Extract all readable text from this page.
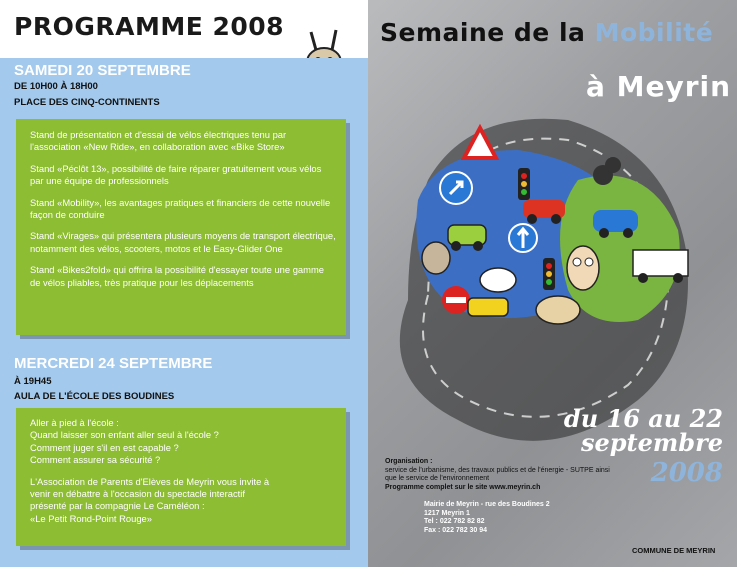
PROGRAMME 2008
SAMEDI 20 SEPTEMBRE
DE 10H00 À 18H00
PLACE DES CINQ-CONTINENTS

Stand de présentation et d'essai de vélos électriques tenu par l'association «New Ride», en collaboration avec «Bike Store»

Stand «Péclôt 13», possibilité de faire réparer gratuitement vous vélos par une équipe de professionnels

Stand «Mobility», les avantages pratiques et financiers de cette nouvelle façon de conduire

Stand «Virages» qui présentera plusieurs moyens de transport électrique, notamment des vélos, scooters, motos et le Easy-Glider One

Stand «Bikes2fold» qui offrira la possibilité d'essayer toute une gamme de vélos pliables, très pratique pour les déplacements

MERCREDI 24 SEPTEMBRE
À 19H45
AULA DE L'ÉCOLE DES BOUDINES

Aller à pied à l'école :

Quand laisser son enfant aller seul à l'école ?

Comment juger s'il en est capable ?

Comment assurer sa sécurité ?

L'Association de Parents d'Elèves de Meyrin vous invite à

venir en débattre à l'occasion du spectacle interactif

présenté par la compagnie Le Caméléon :

«Le Petit Rond-Point Rouge»

Semaine de la Mobilité
à Meyrin
du 16 au 22
septembre
2008
Organisation :
service de l'urbanisme, des travaux publics et de l'énergie - SUTPE ainsi que le service de l'environnement
Programme complet sur le site www.meyrin.ch
Mairie de Meyrin - rue des Boudines 2
1217 Meyrin 1
Tel : 022 782 82 82
Fax : 022 782 30 94
COMMUNE DE MEYRIN
